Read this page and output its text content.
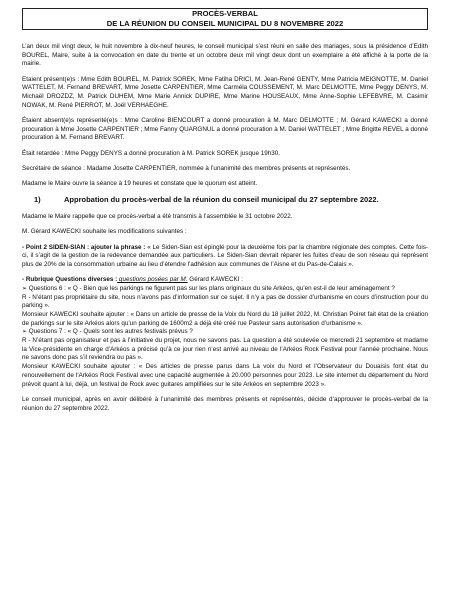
PROCÈS-VERBAL
DE LA RÉUNION DU CONSEIL MUNICIPAL DU 8 NOVEMBRE 2022

L’an deux mil vingt deux, le huit novembre à dix-neuf heures, le conseil municipal s’est réuni en salle des mariages, sous la présidence d’Edith BOUREL, Maire, suite à la convocation en date du trente et un octobre deux mil vingt deux dont un exemplaire a été affiché à la porte de la mairie.

Etaient présent(e)s : Mme Edith BOUREL, M. Patrick SOREK, Mme Fatiha DRICI, M. Jean-René GENTY, Mme Patricia MEIGNOTTE, M. Daniel WATTELET, M. Fernand BREVART, Mme Josette CARPENTIER, Mme Carméla COUSSEMENT, M. Marc DELMOTTE, Mme Peggy DENYS, M. Michaël DROZDZ, M. Patrick DUHEM, Mme Marie Annick DUPIRE, Mme Marine HOUSEAUX, Mme Anne-Sophie LEFEBVRE, M. Casimir NOWAK, M. René PIERROT, M. Joël VERHAEGHE.

Étaient absent(e)s représenté(e)s : Mme Caroline BIENCOURT a donné procuration à M. Marc DELMOTTE ; M. Gérard KAWECKI a donné procuration à Mme Josette CARPENTIER ; Mme Fanny QUARGNUL a donné procuration à M. Daniel WATTELET ; Mme Brigitte REVEL a donné procuration à M. Fernand BREVART.

Était retardée : Mme Peggy DENYS a donné procuration à M. Patrick SOREK jusque 19h30.

Secrétaire de séance : Madame Josette CARPENTIER, nommée à l’unanimité des membres présents et représentés.

Madame le Maire ouvre la séance à 19 heures et constate que le quorum est atteint.

1)	Approbation du procès-verbal de la réunion du conseil municipal du 27 septembre 2022.

Madame le Maire rappelle que ce procès-verbal a été transmis à l’assemblée le 31 octobre 2022.

M. Gérard KAWECKI souhaite les modifications suivantes :

- Point 2 SIDEN-SIAN : ajouter la phrase : « Le Siden-Sian est épinglé pour la deuxième fois par la chambre régionale des comptes. Cette fois-ci, il s’agit de la gestion de la redevance demandée aux particuliers. Le Siden-Sian devrait réparer les fuites d’eau de son réseau qui représent plus de 20% de la consommation urbaine au lieu d’étendre l’adhésion aux communes de l’Aisne et du Pas-de-Calais ».

- Rubrique Questions diverses : questions posées par M. Gérard KAWECKI :

➢ Questions 6 : « Q - Bien que les parkings ne figurent pas sur les plans originaux du site Arkéos, qu’en est-il de leur aménagement ?

R - N’étant pas propriétaire du site, nous n’avons pas d’information sur ce sujet. Il n’y a pas de dossier d’urbanisme en cours d’instruction pour du parking ».

Monsieur KAWECKI souhaite ajouter : « Dans un article de presse de la Voix du Nord du 18 juillet 2022, M. Christian Poiret fait état de la création de parkings sur le site Arkéos alors qu’un parking de 1600m2 a déjà été créé rue Pasteur sans autorisation d’urbanisme ».

➢ Questions 7 : « Q - Quels sont les autres festivals prévus ?

R - N’étant pas organisateur et pas à l’initiative du projet, nous ne savons pas. La question a été soulevée ce mercredi 21 septembre et madame la Vice-présidente en charge d’Arkéos a précisé qu’à ce jour rien n’est arrivé au niveau de l’Arkéos Rock Festival pour l’année prochaine. Nous ne savons donc pas s’il reviendra ou pas ».

Monsieur KAWECKI souhaite ajouter : « Des articles de presse parus dans La voix du Nord et l’Observateur du Douaisis font état du renouvellement de l’Arkéos Rock Festival avec une capacité augmentée à 20.000 personnes pour 2023. Le site internet du département du Nord prévoit quant à lui, déjà, un festival de Rock avec guitares amplifiées sur le site Arkéos en septembre 2023 ».

Le conseil municipal, après en avoir délibéré à l’unanimité des membres présents et représentés, décide d’approuver le procès-verbal de la réunion du 27 septembre 2022.
